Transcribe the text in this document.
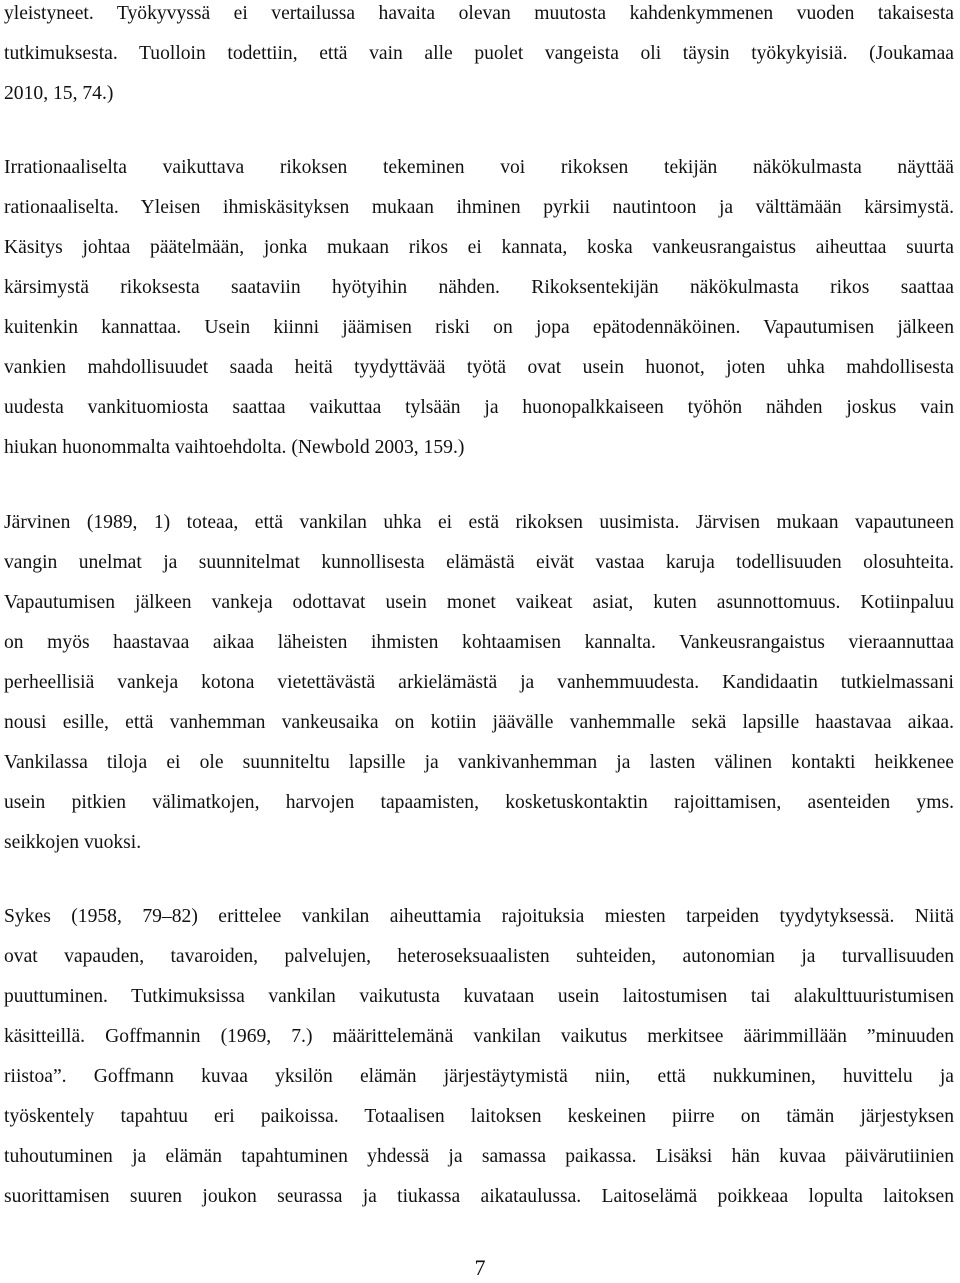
yleistyneet. Työkyvyssä ei vertailussa havaita olevan muutosta kahdenkymmenen vuoden takaisesta
tutkimuksesta. Tuolloin todettiin, että vain alle puolet vangeista oli täysin työkykyisiä. (Joukamaa
2010, 15, 74.)
Irrationaaliselta vaikuttava rikoksen tekeminen voi rikoksen tekijän näkökulmasta näyttää
rationaaliselta. Yleisen ihmiskäsityksen mukaan ihminen pyrkii nautintoon ja välttämään kärsimystä.
Käsitys johtaa päätelmään, jonka mukaan rikos ei kannata, koska vankeusrangaistus aiheuttaa suurta
kärsimystä rikoksesta saataviin hyötyihin nähden. Rikoksentekijän näkökulmasta rikos saattaa
kuitenkin kannattaa. Usein kiinni jäämisen riski on jopa epätodennäköinen. Vapautumisen jälkeen
vankien mahdollisuudet saada heitä tyydyttävää työtä ovat usein huonot, joten uhka mahdollisesta
uudesta vankituomiosta saattaa vaikuttaa tylsään ja huonopalkkaiseen työhön nähden joskus vain
hiukan huonommalta vaihtoehdolta. (Newbold 2003, 159.)
Järvinen (1989, 1) toteaa, että vankilan uhka ei estä rikoksen uusimista. Järvisen mukaan vapautuneen
vangin unelmat ja suunnitelmat kunnollisesta elämästä eivät vastaa karuja todellisuuden olosuhteita.
Vapautumisen jälkeen vankeja odottavat usein monet vaikeat asiat, kuten asunnottomuus. Kotiinpaluu
on myös haastavaa aikaa läheisten ihmisten kohtaamisen kannalta. Vankeusrangaistus vieraannuttaa
perheellisiä vankeja kotona vietettävästä arkielämästä ja vanhemmuudesta. Kandidaatin tutkielmassani
nousi esille, että vanhemman vankeusaika on kotiin jäävälle vanhemmalle sekä lapsille haastavaa aikaa.
Vankilassa tiloja ei ole suunniteltu lapsille ja vankivanhemman ja lasten välinen kontakti heikkenee
usein pitkien välimatkojen, harvojen tapaamisten, kosketuskontaktin rajoittamisen, asenteiden yms.
seikkojen vuoksi.
Sykes (1958, 79–82) erittelee vankilan aiheuttamia rajoituksia miesten tarpeiden tyydytyksessä. Niitä
ovat vapauden, tavaroiden, palvelujen, heteroseksuaalisten suhteiden, autonomian ja turvallisuuden
puuttuminen. Tutkimuksissa vankilan vaikutusta kuvataan usein laitostumisen tai alakulttuuristumisen
käsitteillä. Goffmannin (1969, 7.) määrittelemänä vankilan vaikutus merkitsee äärimmillään ”minuuden
riistoa”. Goffmann kuvaa yksilön elämän järjestäytymistä niin, että nukkuminen, huvittelu ja
työskentely tapahtuu eri paikoissa. Totaalisen laitoksen keskeinen piirre on tämän järjestyksen
tuhoutuminen ja elämän tapahtuminen yhdessä ja samassa paikassa. Lisäksi hän kuvaa päivärutiinien
suorittamisen suuren joukon seurassa ja tiukassa aikataulussa. Laitoselämä poikkeaa lopulta laitoksen
7
